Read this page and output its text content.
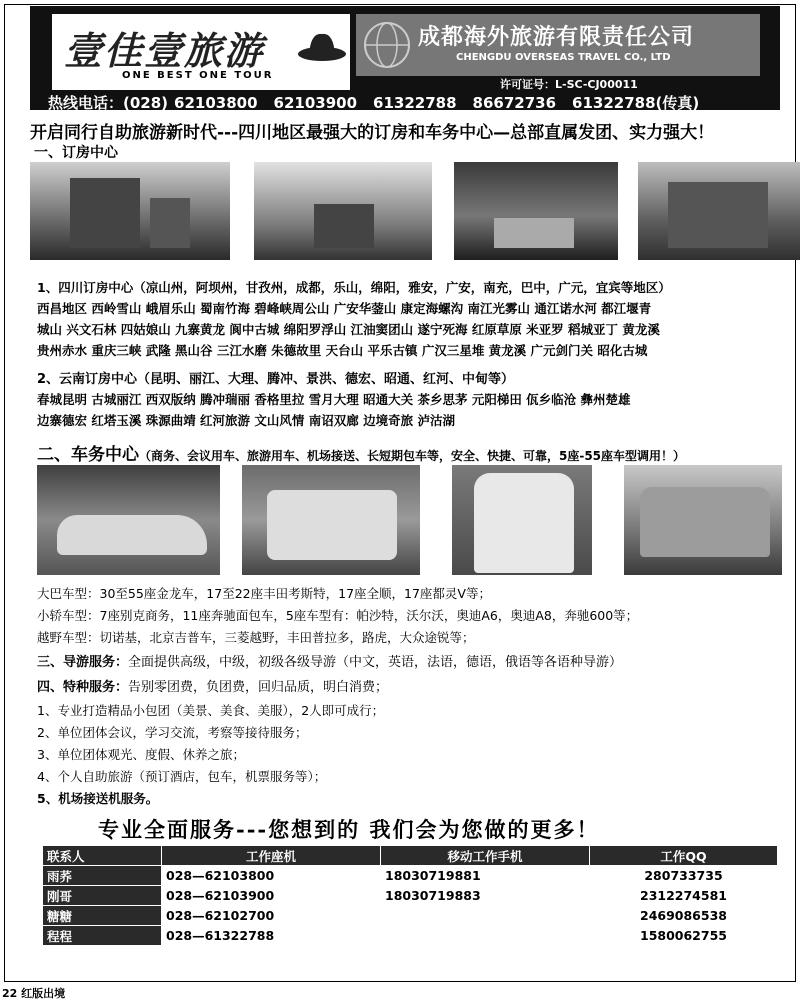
壹佳壹旅游
ONE BEST ONE TOUR
成都海外旅游有限责任公司
CHENGDU OVERSEAS TRAVEL CO., LTD
许可证号：L-SC-CJ00011
热线电话：(028) 62103800 62103900 61322788 86672736 61322788(传真)
开启同行自助旅游新时代---四川地区最强大的订房和车务中心—总部直属发团、实力强大！
一、订房中心
1、四川订房中心（凉山州，阿坝州，甘孜州，成都，乐山，绵阳，雅安，广安，南充，巴中，广元，宜宾等地区）
西昌地区 西岭雪山 峨眉乐山 蜀南竹海 碧峰峡周公山 广安华蓥山 康定海螺沟 南江光雾山 通江诺水河 都江堰青
城山 兴文石林 四姑娘山 九寨黄龙 阆中古城 绵阳罗浮山 江油窦团山 遂宁死海 红原草原 米亚罗 稻城亚丁 黄龙溪
贵州赤水 重庆三峡 武隆 黑山谷 三江水磨 朱德故里 天台山 平乐古镇 广汉三星堆 黄龙溪 广元剑门关 昭化古城
2、云南订房中心（昆明、丽江、大理、腾冲、景洪、德宏、昭通、红河、中甸等）
春城昆明 古城丽江 西双版纳 腾冲瑞丽 香格里拉 雪月大理 昭通大关 茶乡思茅 元阳梯田 佤乡临沧 彝州楚雄
边寨德宏 红塔玉溪 珠源曲靖 红河旅游 文山风情 南诏双廊 边境奇旅 泸沽湖
二、车务中心（商务、会议用车、旅游用车、机场接送、长短期包车等，安全、快捷、可靠，5座-55座车型调用！）
大巴车型：30至55座金龙车，17至22座丰田考斯特，17座全顺，17座都灵V等；
小轿车型：7座别克商务，11座奔驰面包车，5座车型有：帕沙特，沃尔沃，奥迪A6，奥迪A8，奔驰600等；
越野车型：切诺基，北京吉普车，三菱越野，丰田普拉多，路虎，大众途锐等；
三、导游服务：全面提供高级，中级，初级各级导游（中文，英语，法语，德语，俄语等各语种导游）
四、特种服务：告别零团费，负团费，回归品质，明白消费；
1、专业打造精品小包团（美景、美食、美服），2人即可成行；
2、单位团体会议，学习交流，考察等接待服务；
3、单位团体观光、度假、休养之旅；
4、个人自助旅游（预订酒店，包车，机票服务等）；
5、机场接送机服务。
专业全面服务---您想到的 我们会为您做的更多！
联系人	工作座机	移动工作手机	工作QQ
雨荞	028—62103800	18030719881	280733735
刚哥	028—62103900	18030719883	2312274581
糖糖	028—62102700		2469086538
程程	028—61322788		1580062755
22 红版出境
